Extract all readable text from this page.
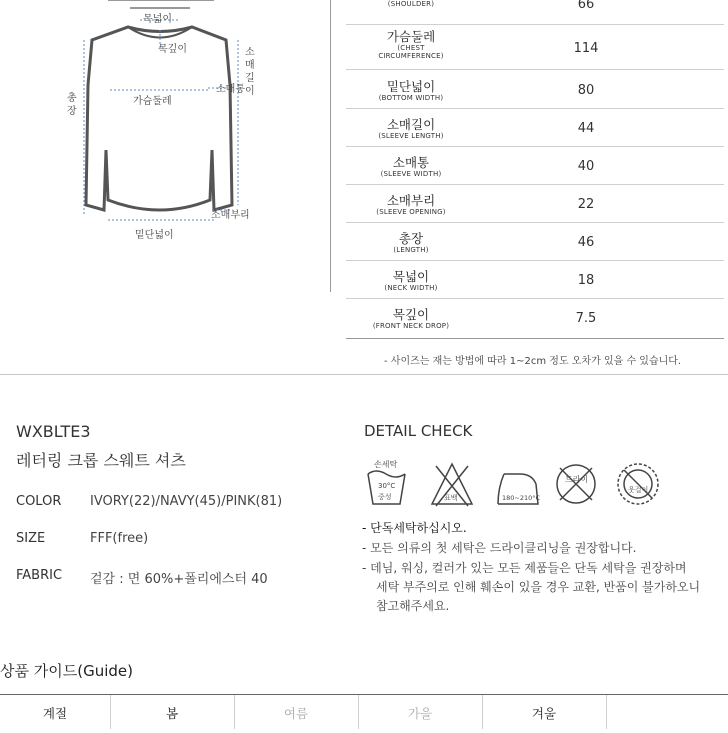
목넓이
목깊이
가슴둘레
소매통
소매부리
밑단넓이
소
매
길
이
총
장
(SHOULDER)	66
가슴둘레
(CHEST
CIRCUMFERENCE)	114
밑단넓이
(BOTTOM WIDTH)	80
소매길이
(SLEEVE LENGTH)	44
소매통
(SLEEVE WIDTH)	40
소매부리
(SLEEVE OPENING)	22
총장
(LENGTH)	46
목넓이
(NECK WIDTH)	18
목깊이
(FRONT NECK DROP)	7.5
- 사이즈는 재는 방법에 따라 1~2cm 정도 오차가 있을 수 있습니다.
WXBLTE3
레터링 크롭 스웨트 셔츠
COLOR IVORY(22)/NAVY(45)/PINK(81)
SIZE	FFF(free)
FABRIC 겉감 : 면 60%+폴리에스터 40
DETAIL CHECK
손세탁
30°C
중성	표백	180~210°C
드라이
웃걸이
- 단독세탁하십시오.
- 모든 의류의 첫 세탁은 드라이클리닝을 권장합니다.
- 데님, 워싱, 컬러가 있는 모든 제품들은 단독 세탁을 권장하며
세탁 부주의로 인해 훼손이 있을 경우 교환, 반품이 불가하오니
참고해주세요.
상품 가이드(Guide)
계절	봄	여름	가을	겨울
